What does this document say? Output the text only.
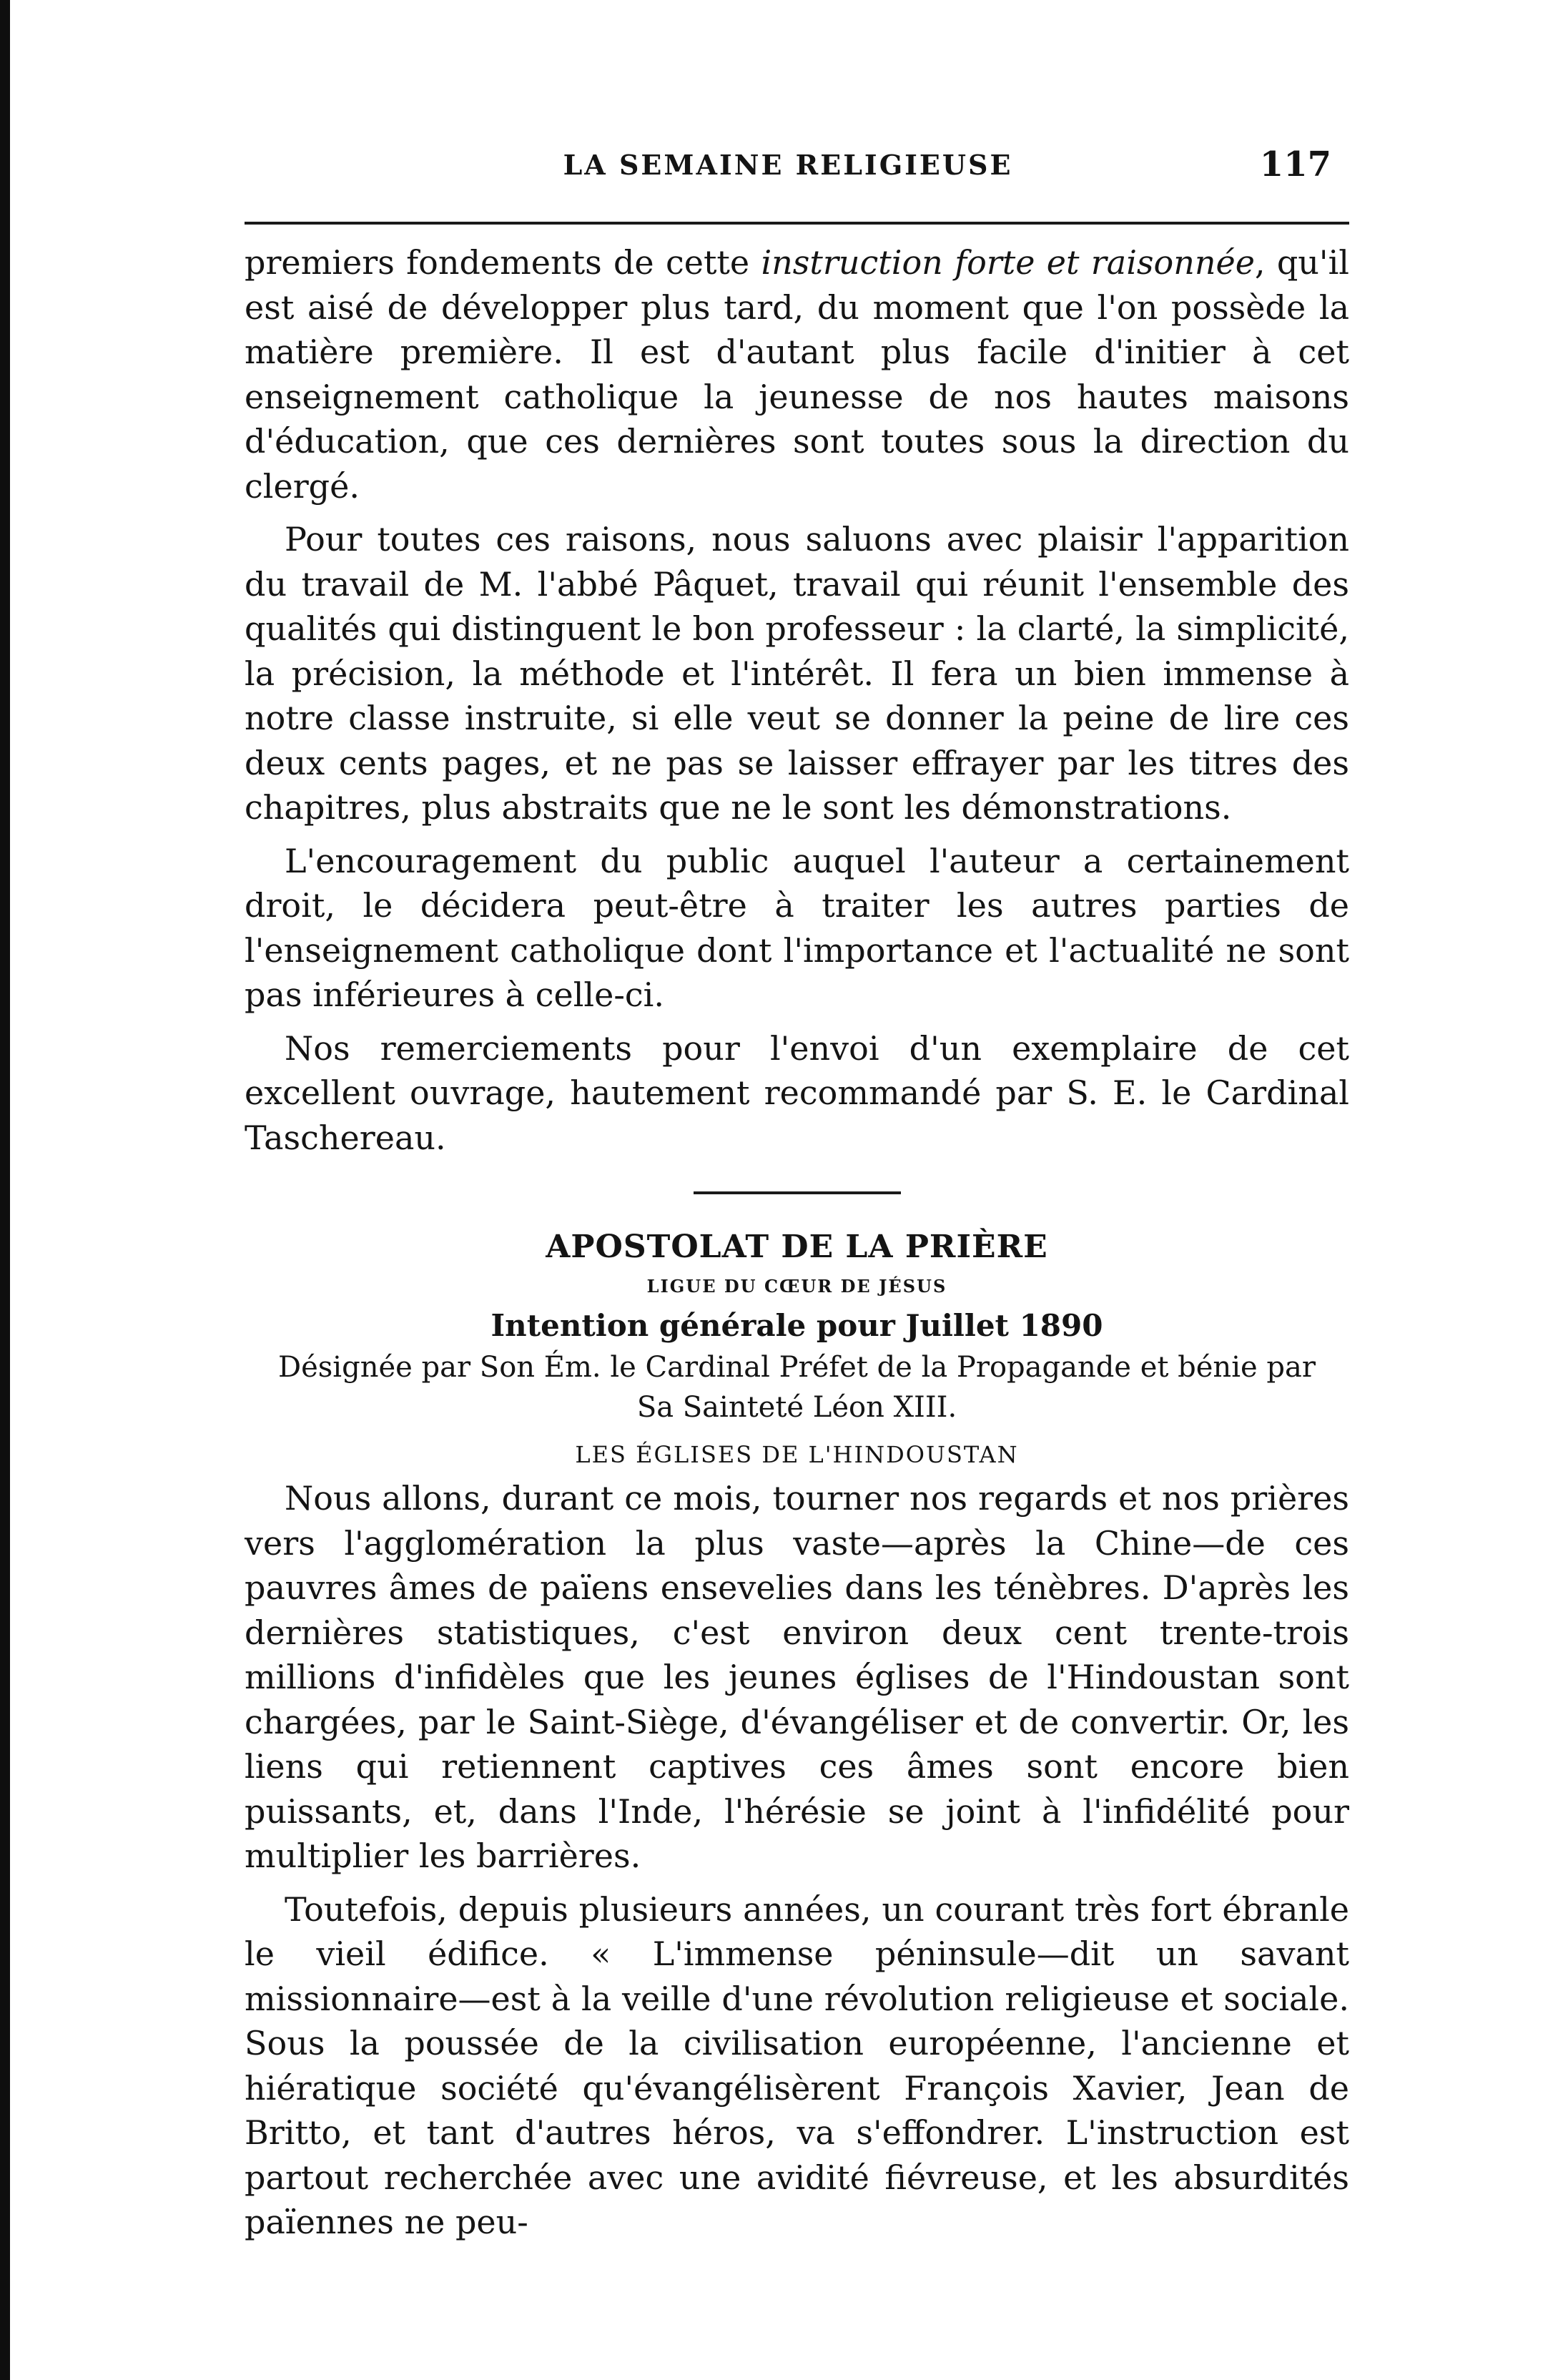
LA SEMAINE RELIGIEUSE	117

premiers fondements de cette instruction forte et raisonnée, qu'il est aisé de développer plus tard, du moment que l'on possède la matière première. Il est d'autant plus facile d'initier à cet enseignement catholique la jeunesse de nos hautes maisons d'éducation, que ces dernières sont toutes sous la direction du clergé.

Pour toutes ces raisons, nous saluons avec plaisir l'apparition du travail de M. l'abbé Pâquet, travail qui réunit l'ensemble des qualités qui distinguent le bon professeur : la clarté, la simplicité, la précision, la méthode et l'intérêt. Il fera un bien immense à notre classe instruite, si elle veut se donner la peine de lire ces deux cents pages, et ne pas se laisser effrayer par les titres des chapitres, plus abstraits que ne le sont les démonstrations.

L'encouragement du public auquel l'auteur a certainement droit, le décidera peut-être à traiter les autres parties de l'enseignement catholique dont l'importance et l'actualité ne sont pas inférieures à celle-ci.

Nos remerciements pour l'envoi d'un exemplaire de cet excellent ouvrage, hautement recommandé par S. E. le Cardinal Taschereau.

APOSTOLAT DE LA PRIÈRE

LIGUE DU CŒUR DE JÉSUS

Intention générale pour Juillet 1890

Désignée par Son Ém. le Cardinal Préfet de la Propagande et bénie par

Sa Sainteté Léon XIII.

LES ÉGLISES DE L'HINDOUSTAN

Nous allons, durant ce mois, tourner nos regards et nos prières vers l'agglomération la plus vaste—après la Chine—de ces pauvres âmes de païens ensevelies dans les ténèbres. D'après les dernières statistiques, c'est environ deux cent trente-trois millions d'infidèles que les jeunes églises de l'Hindoustan sont chargées, par le Saint-Siège, d'évangéliser et de convertir. Or, les liens qui retiennent captives ces âmes sont encore bien puissants, et, dans l'Inde, l'hérésie se joint à l'infidélité pour multiplier les barrières.

Toutefois, depuis plusieurs années, un courant très fort ébranle le vieil édifice. « L'immense péninsule—dit un savant missionnaire—est à la veille d'une révolution religieuse et sociale. Sous la poussée de la civilisation européenne, l'ancienne et hiératique société qu'évangélisèrent François Xavier, Jean de Britto, et tant d'autres héros, va s'effondrer. L'instruction est partout recherchée avec une avidité fiévreuse, et les absurdités païennes ne peu-
